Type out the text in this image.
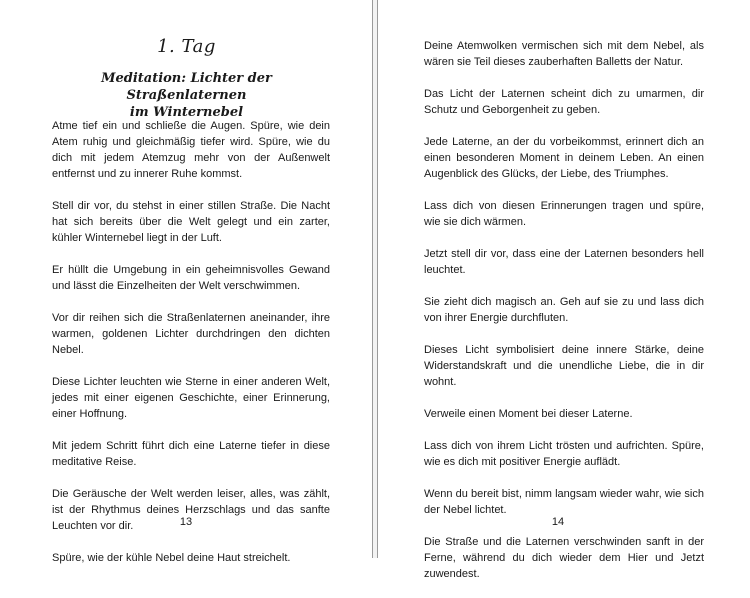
1. Tag
Meditation: Lichter der Straßenlaternen
im Winternebel

Atme tief ein und schließe die Augen. Spüre, wie dein Atem ruhig und gleichmäßig tiefer wird. Spüre, wie du dich mit jedem Atemzug mehr von der Außenwelt entfernst und zu innerer Ruhe kommst.

Stell dir vor, du stehst in einer stillen Straße. Die Nacht hat sich bereits über die Welt gelegt und ein zarter, kühler Winternebel liegt in der Luft.

Er hüllt die Umgebung in ein geheimnisvolles Gewand und lässt die Einzelheiten der Welt verschwimmen.

Vor dir reihen sich die Straßenlaternen aneinander, ihre warmen, goldenen Lichter durchdringen den dichten Nebel.

Diese Lichter leuchten wie Sterne in einer anderen Welt, jedes mit einer eigenen Geschichte, einer Erinnerung, einer Hoffnung.

Mit jedem Schritt führt dich eine Laterne tiefer in diese meditative Reise.

Die Geräusche der Welt werden leiser, alles, was zählt, ist der Rhythmus deines Herzschlags und das sanfte Leuchten vor dir.

Spüre, wie der kühle Nebel deine Haut streichelt.

13

Deine Atemwolken vermischen sich mit dem Nebel, als wären sie Teil dieses zauberhaften Balletts der Natur.

Das Licht der Laternen scheint dich zu umarmen, dir Schutz und Geborgenheit zu geben.

Jede Laterne, an der du vorbeikommst, erinnert dich an einen besonderen Moment in deinem Leben. An einen Augenblick des Glücks, der Liebe, des Triumphes.

Lass dich von diesen Erinnerungen tragen und spüre, wie sie dich wärmen.

Jetzt stell dir vor, dass eine der Laternen besonders hell leuchtet.

Sie zieht dich magisch an. Geh auf sie zu und lass dich von ihrer Energie durchfluten.

Dieses Licht symbolisiert deine innere Stärke, deine Widerstandskraft und die unendliche Liebe, die in dir wohnt.

Verweile einen Moment bei dieser Laterne.

Lass dich von ihrem Licht trösten und aufrichten. Spüre, wie es dich mit positiver Energie auflädt.

Wenn du bereit bist, nimm langsam wieder wahr, wie sich der Nebel lichtet.

Die Straße und die Laternen verschwinden sanft in der Ferne, während du dich wieder dem Hier und Jetzt zuwendest.

14
